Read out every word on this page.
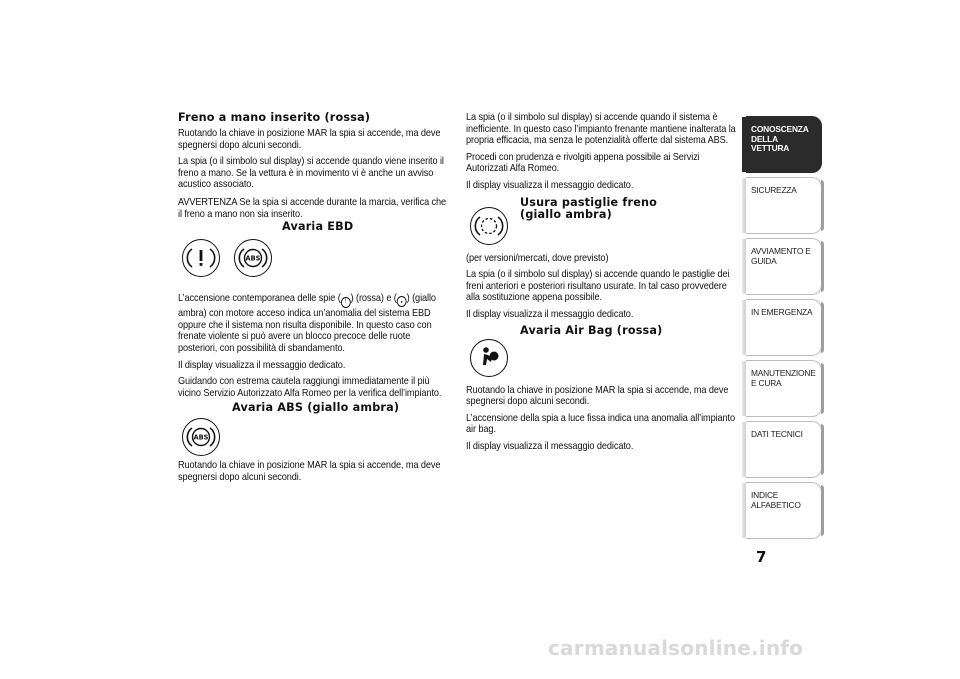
Freno a mano inserito (rossa)

Ruotando la chiave in posizione MAR la spia si accende, ma deve spegnersi dopo alcuni secondi.

La spia (o il simbolo sul display) si accende quando viene inserito il freno a mano. Se la vettura è in movimento vi è anche un avviso acustico associato.

AVVERTENZA Se la spia si accende durante la marcia, verifica che il freno a mano non sia inserito.

ABS
Avaria EBD

L’accensione contemporanea delle spie ( ! ) (rossa) e ( ● ) (giallo ambra) con motore acceso indica un’anomalia del sistema EBD oppure che il sistema non risulta disponibile. In questo caso con frenate violente si può avere un blocco precoce delle ruote posteriori, con possibilità di sbandamento.

Il display visualizza il messaggio dedicato.

Guidando con estrema cautela raggiungi immediatamente il più vicino Servizio Autorizzato Alfa Romeo per la verifica dell’impianto.

ABS
Avaria ABS (giallo ambra)

Ruotando la chiave in posizione MAR la spia si accende, ma deve spegnersi dopo alcuni secondi.

La spia (o il simbolo sul display) si accende quando il sistema è inefficiente. In questo caso l’impianto frenante mantiene inalterata la propria efficacia, ma senza le potenzialità offerte dal sistema ABS.

Procedi con prudenza e rivolgiti appena possibile ai Servizi Autorizzati Alfa Romeo.

Il display visualizza il messaggio dedicato.

Usura pastiglie freno (giallo ambra)

(per versioni/mercati, dove previsto)

La spia (o il simbolo sul display) si accende quando le pastiglie dei freni anteriori e posteriori risultano usurate. In tal caso provvedere alla sostituzione appena possibile.

Il display visualizza il messaggio dedicato.

Avaria Air Bag (rossa)

Ruotando la chiave in posizione MAR la spia si accende, ma deve spegnersi dopo alcuni secondi.

L’accensione della spia a luce fissa indica una anomalia all’impianto air bag.

Il display visualizza il messaggio dedicato.

CONOSCENZA DELLA VETTURA
SICUREZZA
AVVIAMENTO E GUIDA
IN EMERGENZA
MANUTENZIONE E CURA
DATI TECNICI
INDICE ALFABETICO
7
carmanualsonline.info
